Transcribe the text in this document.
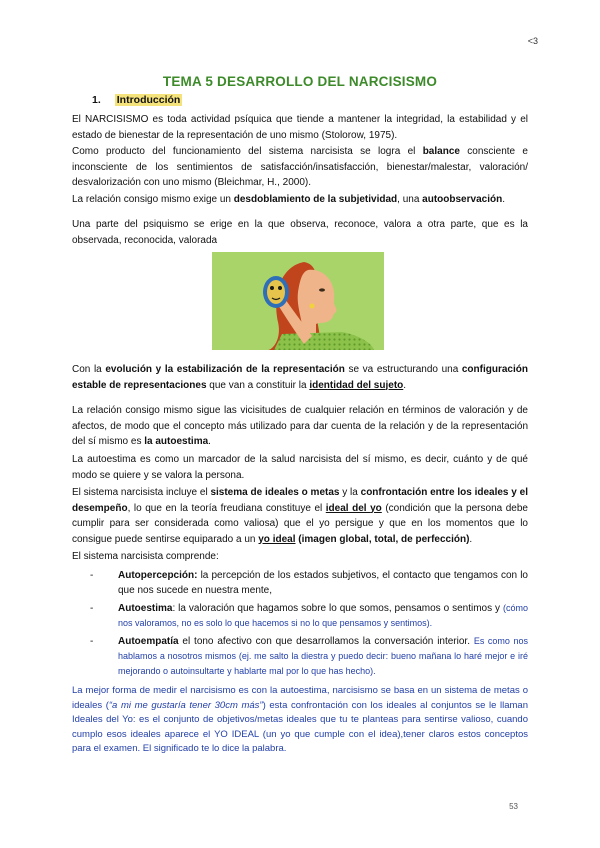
<3
TEMA 5 DESARROLLO DEL NARCISISMO
1. Introducción
El NARCISISMO es toda actividad psíquica que tiende a mantener la integridad, la estabilidad y el estado de bienestar de la representación de uno mismo (Stolorow, 1975).
Como producto del funcionamiento del sistema narcisista se logra el balance consciente e inconsciente de los sentimientos de satisfacción/insatisfacción, bienestar/malestar, valoración/ desvalorización con uno mismo (Bleichmar, H., 2000).
La relación consigo mismo exige un desdoblamiento de la subjetividad, una autoobservación.
Una parte del psiquismo se erige en la que observa, reconoce, valora a otra parte, que es la observada, reconocida, valorada
Con la evolución y la estabilización de la representación se va estructurando una configuración estable de representaciones que van a constituir la identidad del sujeto.
La relación consigo mismo sigue las vicisitudes de cualquier relación en términos de valoración y de afectos, de modo que el concepto más utilizado para dar cuenta de la relación y de la representación del sí mismo es la autoestima.
La autoestima es como un marcador de la salud narcisista del sí mismo, es decir, cuánto y de qué modo se quiere y se valora la persona.
El sistema narcisista incluye el sistema de ideales o metas y la confrontación entre los ideales y el desempeño, lo que en la teoría freudiana constituye el ideal del yo (condición que la persona debe cumplir para ser considerada como valiosa) que el yo persigue y que en los momentos que lo consigue puede sentirse equiparado a un yo ideal (imagen global, total, de perfección).
El sistema narcisista comprende:
- Autopercepción: la percepción de los estados subjetivos, el contacto que tengamos con lo que nos sucede en nuestra mente,
- Autoestima: la valoración que hagamos sobre lo que somos, pensamos o sentimos y (cómo nos valoramos, no es solo lo que hacemos si no lo que pensamos y sentimos).
- Autoempatía el tono afectivo con que desarrollamos la conversación interior. Es como nos hablamos a nosotros mismos (ej. me salto la diestra y puedo decir: bueno mañana lo haré mejor e iré mejorando o autoinsultarte y hablarte mal por lo que has hecho).
La mejor forma de medir el narcisismo es con la autoestima, narcisismo se basa en un sistema de metas o ideales (“a mi me gustaría tener 30cm más”) esta confrontación con los ideales al conjuntos se le llaman Ideales del Yo: es el conjunto de objetivos/metas ideales que tu te planteas para sentirse valioso, cuando cumplo esos ideales aparece el YO IDEAL (un yo que cumple con el idea),tener claros estos conceptos para el examen. El significado te lo dice la palabra.
53
